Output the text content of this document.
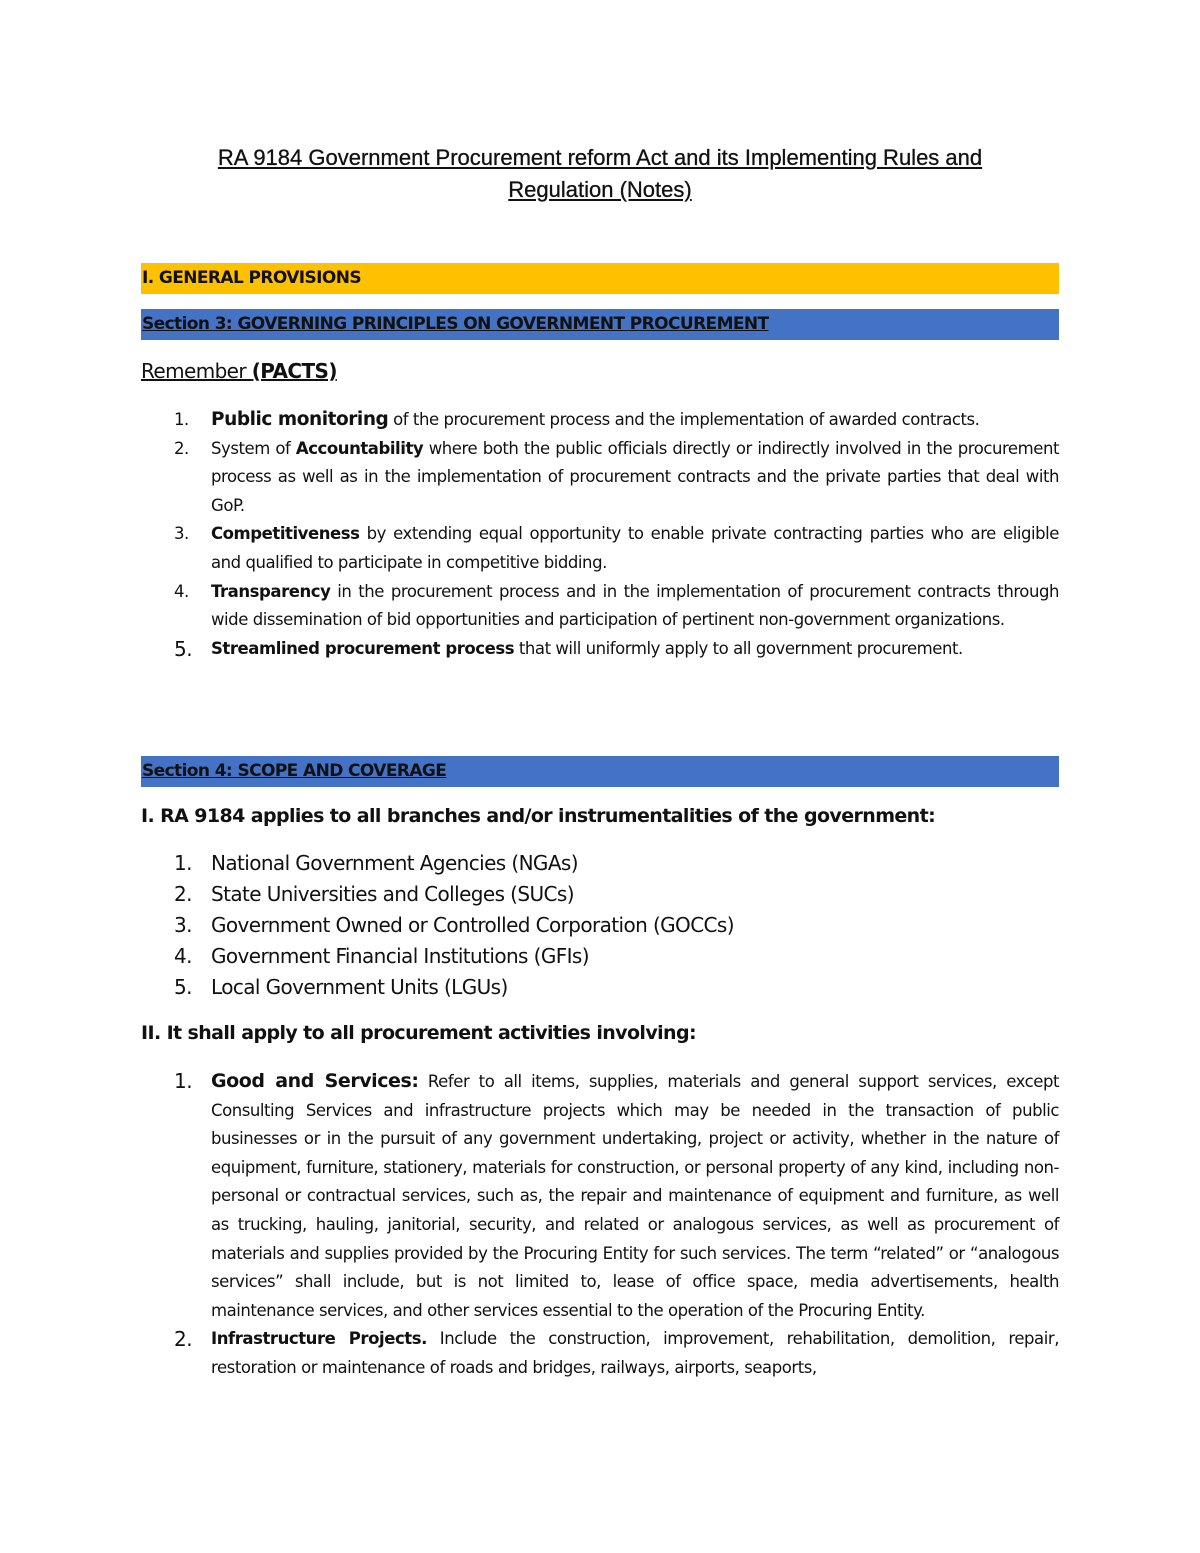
RA 9184 Government Procurement reform Act and its Implementing Rules and
Regulation (Notes)
I. GENERAL PROVISIONS
Section 3: GOVERNING PRINCIPLES ON GOVERNMENT PROCUREMENT
Remember (PACTS)
1. Public monitoring of the procurement process and the implementation of awarded contracts.
2. System of Accountability where both the public officials directly or indirectly involved in the procurement process as well as in the implementation of procurement contracts and the private parties that deal with GoP.
3. Competitiveness by extending equal opportunity to enable private contracting parties who are eligible and qualified to participate in competitive bidding.
4. Transparency in the procurement process and in the implementation of procurement contracts through wide dissemination of bid opportunities and participation of pertinent non-government organizations.
5. Streamlined procurement process that will uniformly apply to all government procurement.
Section 4: SCOPE AND COVERAGE
I. RA 9184 applies to all branches and/or instrumentalities of the government:
1. National Government Agencies (NGAs)
2. State Universities and Colleges (SUCs)
3. Government Owned or Controlled Corporation (GOCCs)
4. Government Financial Institutions (GFIs)
5. Local Government Units (LGUs)
II. It shall apply to all procurement activities involving:
1. Good and Services: Refer to all items, supplies, materials and general support services, except Consulting Services and infrastructure projects which may be needed in the transaction of public businesses or in the pursuit of any government undertaking, project or activity, whether in the nature of equipment, furniture, stationery, materials for construction, or personal property of any kind, including non-personal or contractual services, such as, the repair and maintenance of equipment and furniture, as well as trucking, hauling, janitorial, security, and related or analogous services, as well as procurement of materials and supplies provided by the Procuring Entity for such services. The term “related” or “analogous services” shall include, but is not limited to, lease of office space, media advertisements, health maintenance services, and other services essential to the operation of the Procuring Entity.
2. Infrastructure Projects. Include the construction, improvement, rehabilitation, demolition, repair, restoration or maintenance of roads and bridges, railways, airports, seaports,
